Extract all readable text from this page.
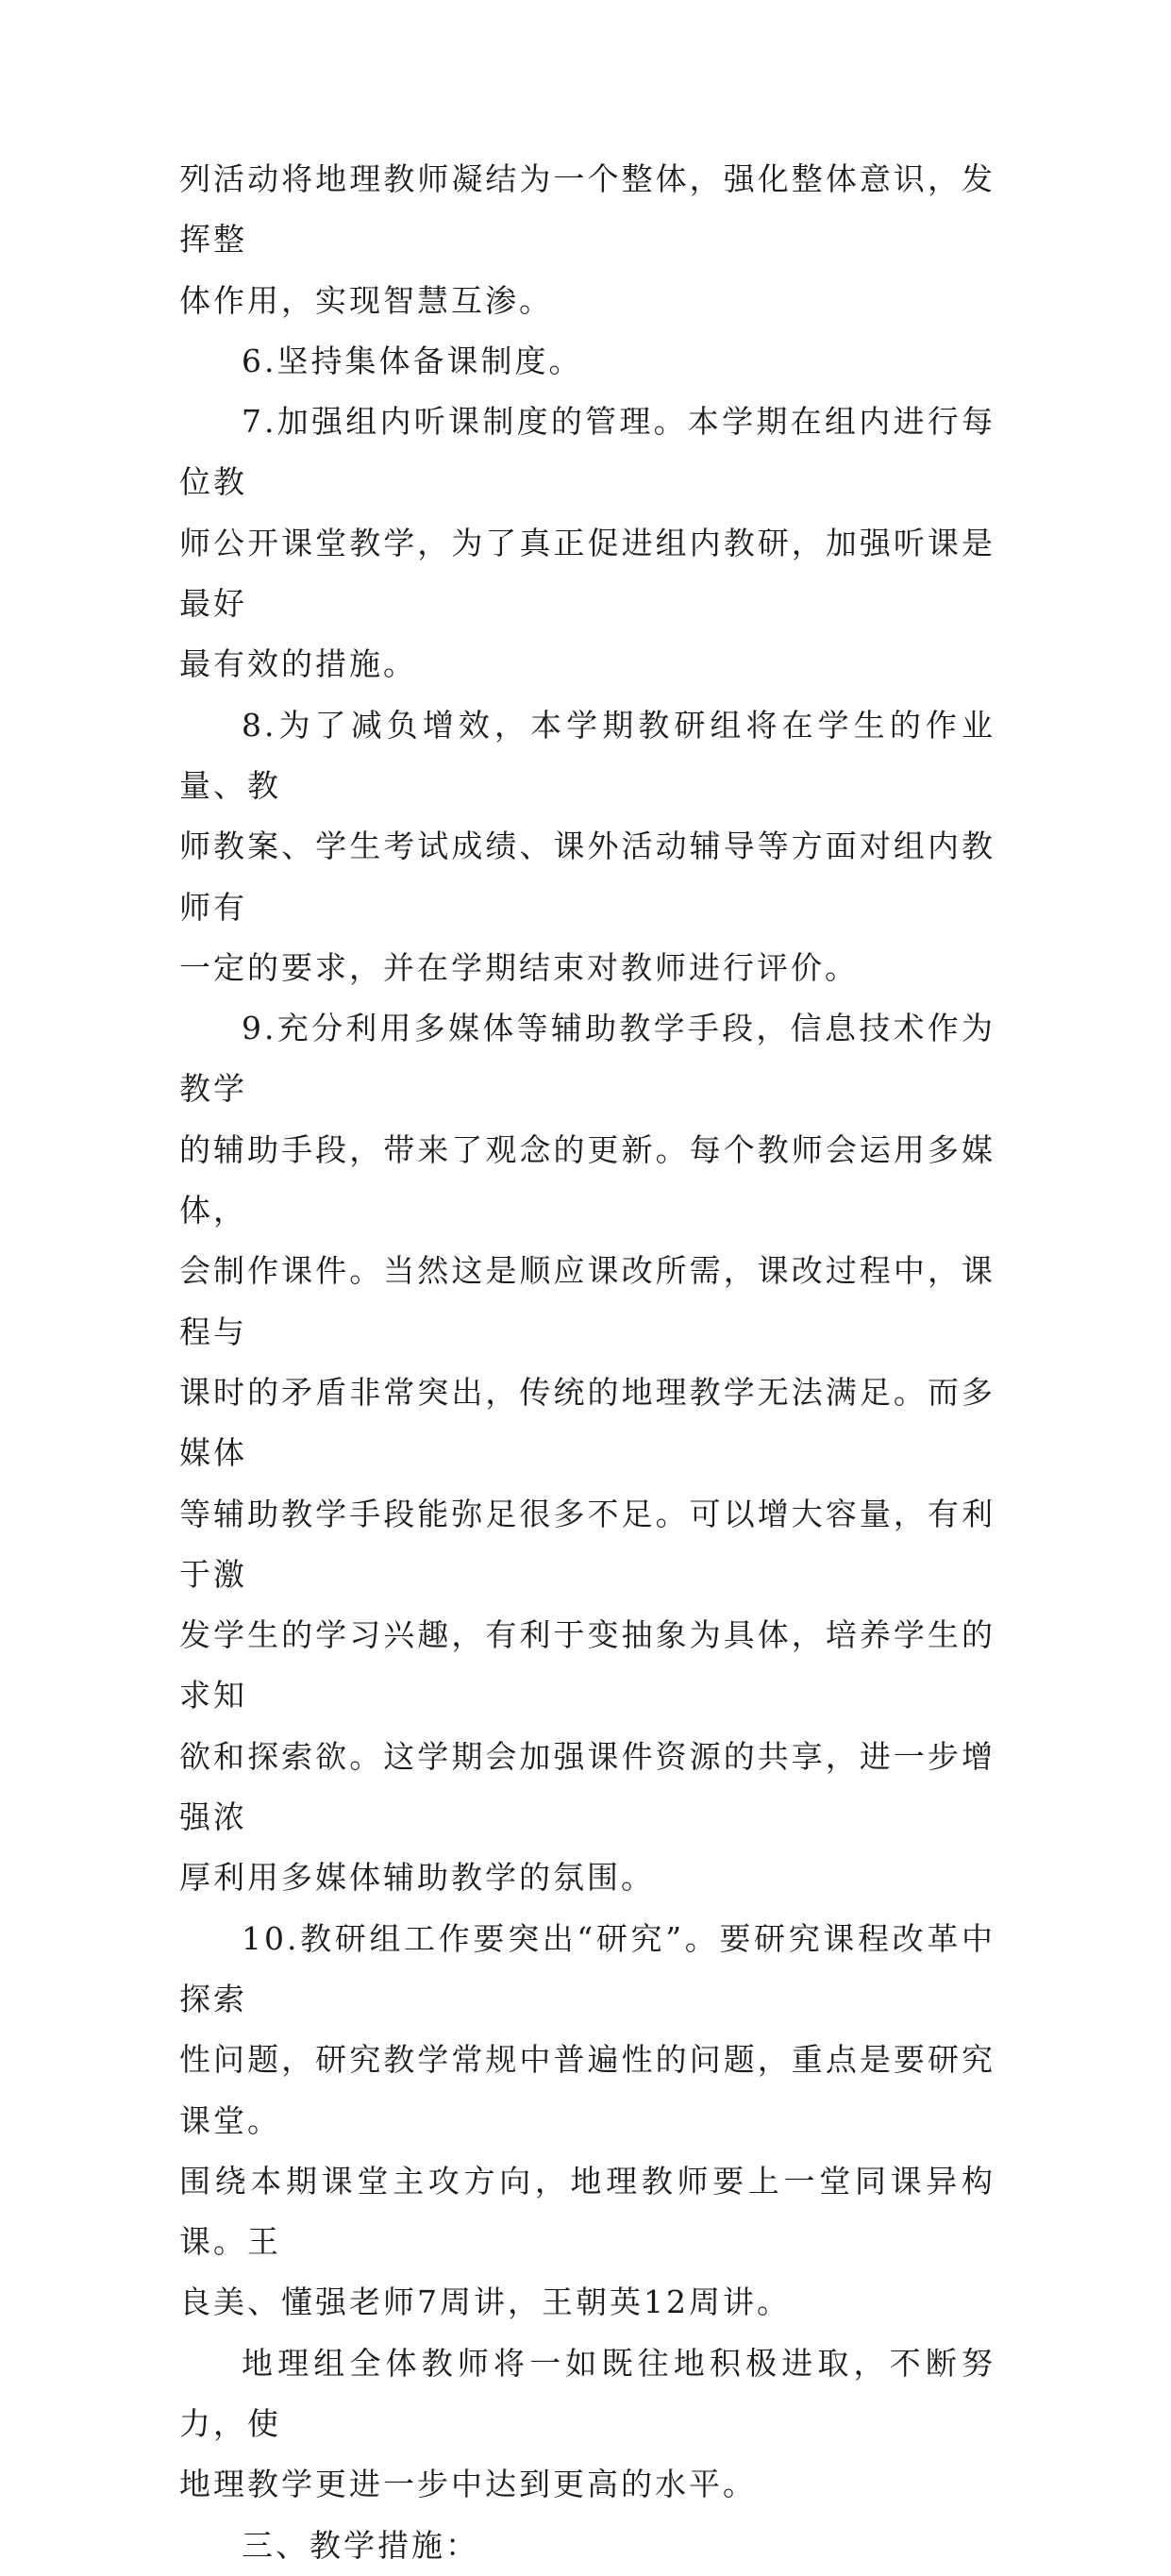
列活动将地理教师凝结为一个整体，强化整体意识，发挥整
体作用，实现智慧互渗。

6.坚持集体备课制度。

7.加强组内听课制度的管理。本学期在组内进行每位教
师公开课堂教学，为了真正促进组内教研，加强听课是最好
最有效的措施。

8.为了减负增效，本学期教研组将在学生的作业量、教
师教案、学生考试成绩、课外活动辅导等方面对组内教师有
一定的要求，并在学期结束对教师进行评价。

9.充分利用多媒体等辅助教学手段，信息技术作为教学
的辅助手段，带来了观念的更新。每个教师会运用多媒体，
会制作课件。当然这是顺应课改所需，课改过程中，课程与
课时的矛盾非常突出，传统的地理教学无法满足。而多媒体
等辅助教学手段能弥足很多不足。可以增大容量，有利于激
发学生的学习兴趣，有利于变抽象为具体，培养学生的求知
欲和探索欲。这学期会加强课件资源的共享，进一步增强浓
厚利用多媒体辅助教学的氛围。

10.教研组工作要突出“研究”。要研究课程改革中探索
性问题，研究教学常规中普遍性的问题，重点是要研究课堂。
围绕本期课堂主攻方向，地理教师要上一堂同课异构课。王
良美、懂强老师7周讲，王朝英12周讲。

地理组全体教师将一如既往地积极进取，不断努力，使
地理教学更进一步中达到更高的水平。

三、教学措施：
